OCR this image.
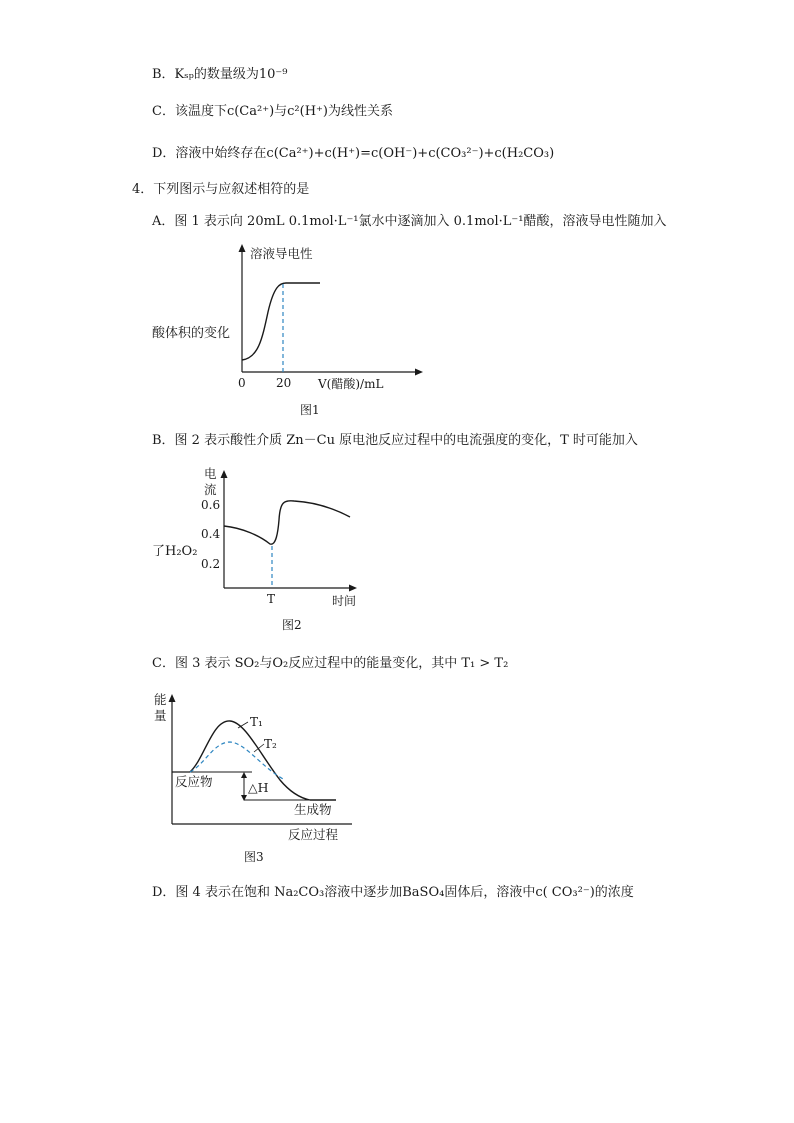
B．Kₛₚ的数量级为10⁻⁹
C．该温度下c(Ca²⁺)与c²(H⁺)为线性关系
D．溶液中始终存在c(Ca²⁺)+c(H⁺)=c(OH⁻)+c(CO₃²⁻)+c(H₂CO₃)
4．下列图示与应叙述相符的是
A．图 1 表示向 20mL 0.1mol·L⁻¹氯水中逐滴加入 0.1mol·L⁻¹醋酸，溶液导电性随加入
溶液导电性
0	20 V(醋酸)/mL
酸体积的变化
图1
B．图 2 表示酸性介质 Zn－Cu 原电池反应过程中的电流强度的变化，T 时可能加入
电
流
0.6
0.4
0.2
T	时间
了H₂O₂
图2
C．图 3 表示 SO₂与O₂反应过程中的能量变化，其中 T₁ > T₂
能
量	T₁
T₂
反应物	△H
生成物
反应过程
图3
D．图 4 表示在饱和 Na₂CO₃溶液中逐步加BaSO₄固体后，溶液中c( CO₃²⁻)的浓度
